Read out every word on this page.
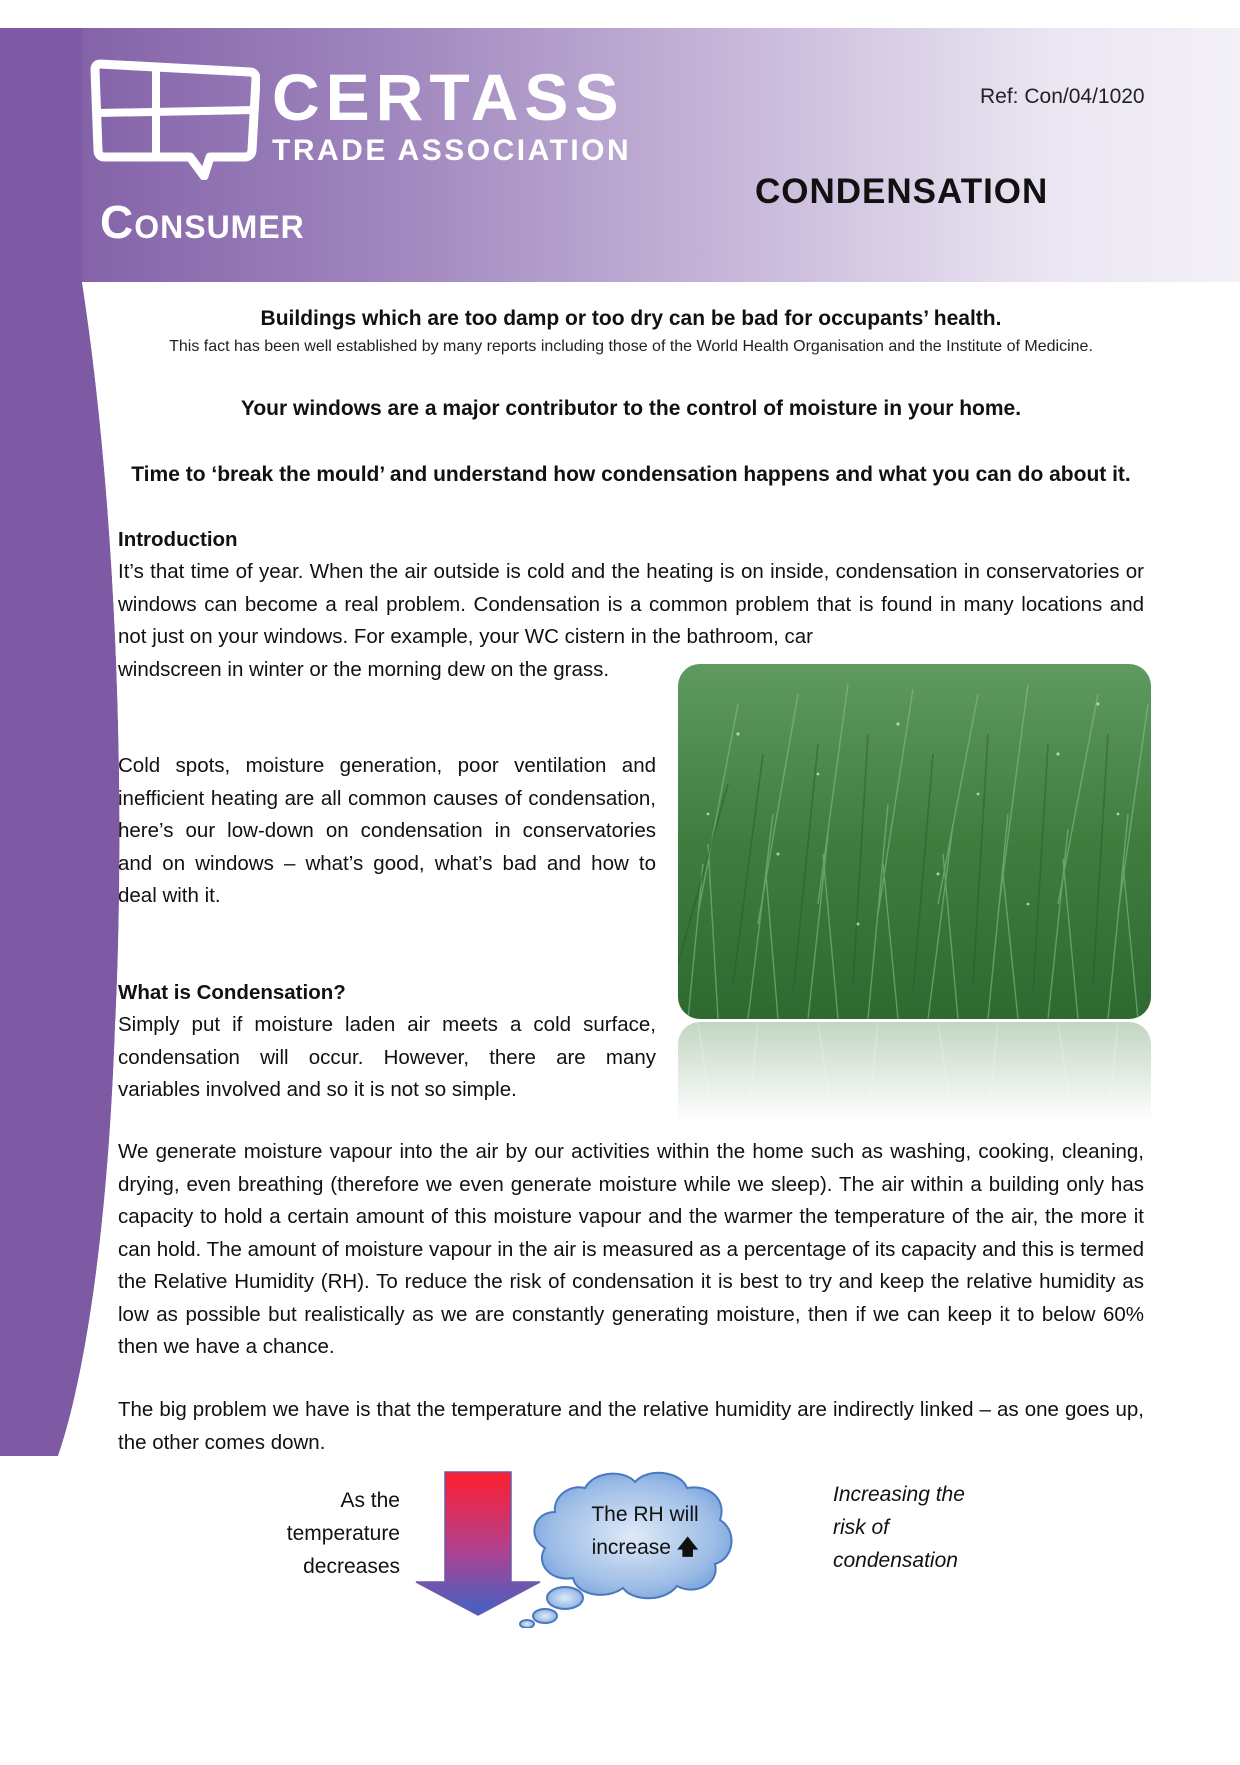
CERTASS
TRADE ASSOCIATION
Consumer
Ref: Con/04/1020
CONDENSATION
Buildings which are too damp or too dry can be bad for occupants’ health.
This fact has been well established by many reports including those of the World Health Organisation and the Institute of Medicine.
Your windows are a major contributor to the control of moisture in your home.
Time to ‘break the mould’ and understand how condensation happens and what you can do about it.
Introduction
It’s that time of year. When the air outside is cold and the heating is on inside, condensation in conservatories or windows can become a real problem. Condensation is a common problem that is found in many locations and not just on your windows. For example, your WC cistern in the bathroom, car
windscreen in winter or the morning dew on the grass.
Cold spots, moisture generation, poor ventilation and inefficient heating are all common causes of condensation, here’s our low-down on condensation in conservatories and on windows – what’s good, what’s bad and how to deal with it.
What is Condensation?
Simply put if moisture laden air meets a cold surface, condensation will occur. However, there are many variables involved and so it is not so simple.
We generate moisture vapour into the air by our activities within the home such as washing, cooking, cleaning, drying, even breathing (therefore we even generate moisture while we sleep). The air within a building only has capacity to hold a certain amount of this moisture vapour and the warmer the temperature of the air, the more it can hold. The amount of moisture vapour in the air is measured as a percentage of its capacity and this is termed the Relative Humidity (RH). To reduce the risk of condensation it is best to try and keep the relative humidity as low as possible but realistically as we are constantly generating moisture, then if we can keep it to below 60% then we have a chance.
The big problem we have is that the temperature and the relative humidity are indirectly linked – as one goes up, the other comes down.
As the
temperature
decreases
The RH will
increase 🡅
Increasing the
risk of
condensation
